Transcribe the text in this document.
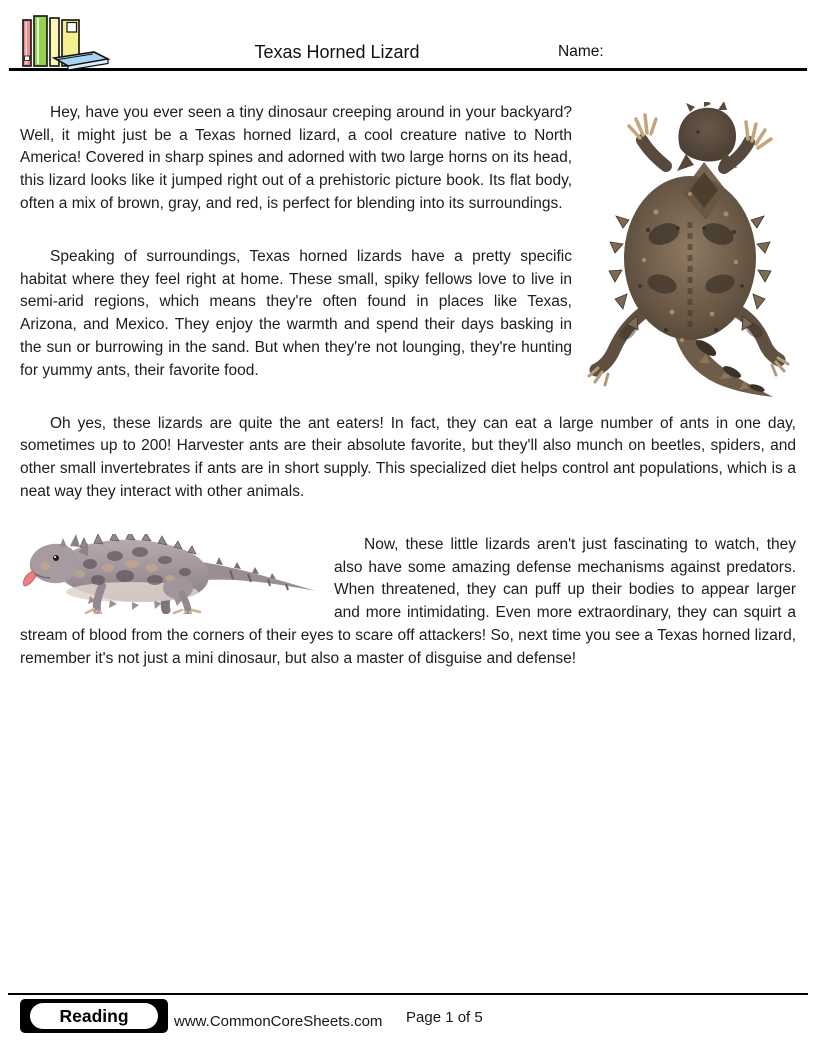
Texas Horned Lizard	Name:

Hey, have you ever seen a tiny dinosaur creeping around in your backyard? Well, it might just be a Texas horned lizard, a cool creature native to North America! Covered in sharp spines and adorned with two large horns on its head, this lizard looks like it jumped right out of a prehistoric picture book. Its flat body, often a mix of brown, gray, and red, is perfect for blending into its surroundings.

Speaking of surroundings, Texas horned lizards have a pretty specific habitat where they feel right at home. These small, spiky fellows love to live in semi-arid regions, which means they're often found in places like Texas, Arizona, and Mexico. They enjoy the warmth and spend their days basking in the sun or burrowing in the sand. But when they're not lounging, they're hunting for yummy ants, their favorite food.

Oh yes, these lizards are quite the ant eaters! In fact, they can eat a large number of ants in one day, sometimes up to 200! Harvester ants are their absolute favorite, but they'll also munch on beetles, spiders, and other small invertebrates if ants are in short supply. This specialized diet helps control ant populations, which is a neat way they interact with other animals.

Now, these little lizards aren't just fascinating to watch, they also have some amazing defense mechanisms against predators. When threatened, they can puff up their bodies to appear larger and more intimidating. Even more extraordinary, they can squirt a stream of blood from the corners of their eyes to scare off attackers! So, next time you see a Texas horned lizard, remember it's not just a mini dinosaur, but also a master of disguise and defense!

Reading	www.CommonCoreSheets.com Page 1 of 5
